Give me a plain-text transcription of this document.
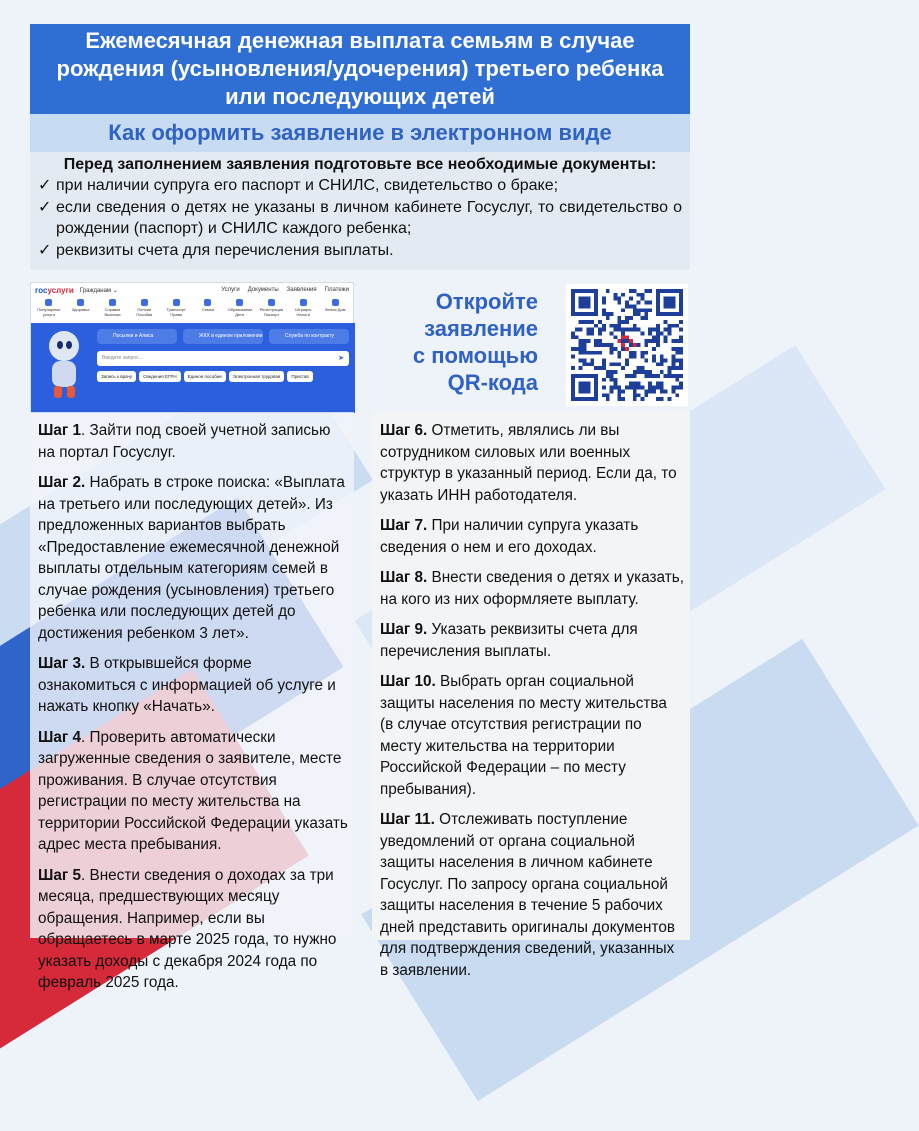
Ежемесячная денежная выплата семьям в случае рождения (усыновления/удочерения) третьего ребенка или последующих детей
Как оформить заявление в электронном виде
Перед заполнением заявления подготовьте все необходимые документы:
✓ при наличии супруга его паспорт и СНИЛС, свидетельство о браке;
✓ если сведения о детях не указаны в личном кабинете Госуслуг, то свидетельство о рождении (паспорт) и СНИЛС каждого ребенка;
✓ реквизиты счета для перечисления выплаты.
госуслуги Гражданам ⌄	Услуги Документы Заявления Платежи
Популярные услуги
Здоровье	Справки Выписки
Пенсии Пособия
Транспорт Права
Семья	Образование Дети
Регистрация Паспорт
Штрафы Налоги
Земля Дом
Посылки и Алиса	ЖКХ в едином приложении	Служба по контракту
Введите запрос...	➤
Запись к врачу	Сведения ЕГРН	Единое пособие	Электронная трудовая	Пристав
Откройте
заявление
с помощью
QR-кода

Шаг 1. Зайти под своей учетной записью на портал Госуслуг.

Шаг 2. Набрать в строке поиска: «Выплата на третьего или последующих детей». Из предложенных вариантов выбрать «Предоставление ежемесячной денежной выплаты отдельным категориям семей в случае рождения (усыновления) третьего ребенка или последующих детей до достижения ребенком 3 лет».

Шаг 3. В открывшейся форме ознакомиться с информацией об услуге и нажать кнопку «Начать».

Шаг 4. Проверить автоматически загруженные сведения о заявителе, месте проживания. В случае отсутствия регистрации по месту жительства на территории Российской Федерации указать адрес места пребывания.

Шаг 5. Внести сведения о доходах за три месяца, предшествующих месяцу обращения. Например, если вы обращаетесь в марте 2025 года, то нужно указать доходы с декабря 2024 года по февраль 2025 года.

Шаг 6. Отметить, являлись ли вы сотрудником силовых или военных структур в указанный период. Если да, то указать ИНН работодателя.

Шаг 7. При наличии супруга указать сведения о нем и его доходах.

Шаг 8. Внести сведения о детях и указать, на кого из них оформляете выплату.

Шаг 9. Указать реквизиты счета для перечисления выплаты.

Шаг 10. Выбрать орган социальной защиты населения по месту жительства (в случае отсутствия регистрации по месту жительства на территории Российской Федерации – по месту пребывания).

Шаг 11. Отслеживать поступление уведомлений от органа социальной защиты населения в личном кабинете Госуслуг. По запросу органа социальной защиты населения в течение 5 рабочих дней представить оригиналы документов для подтверждения сведений, указанных в заявлении.
